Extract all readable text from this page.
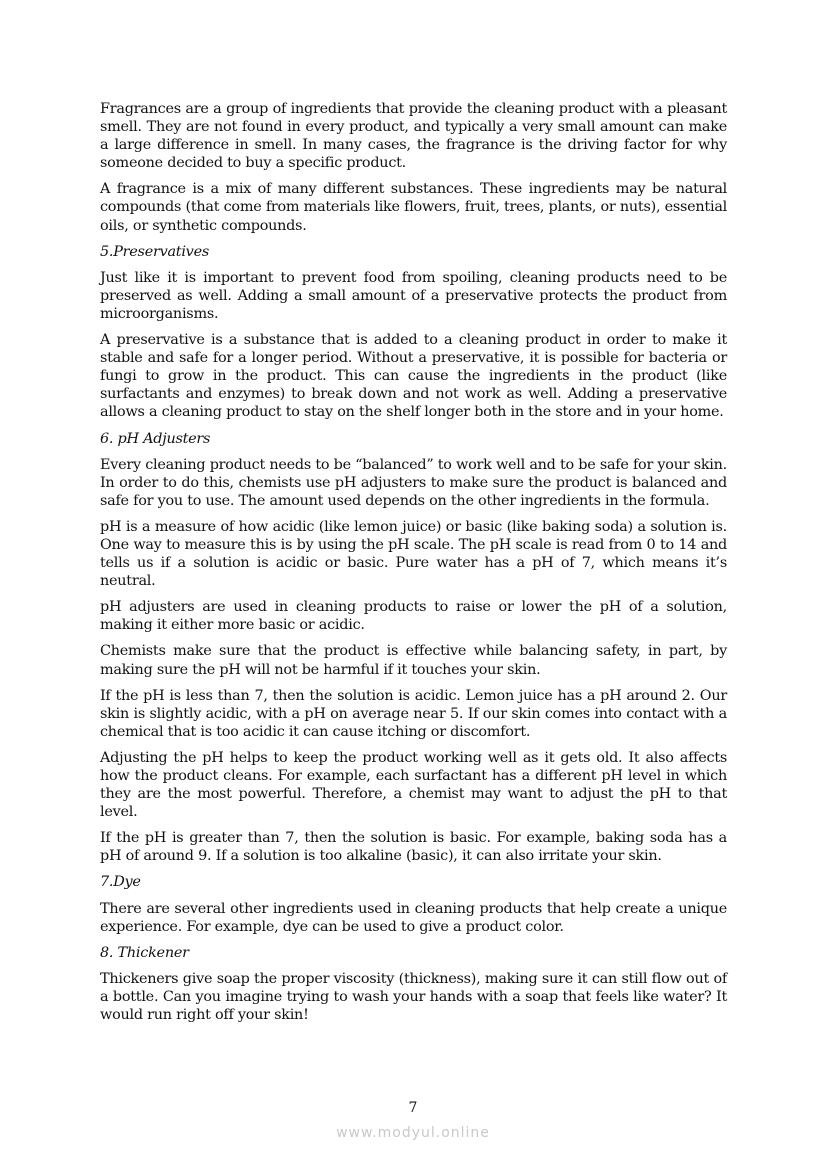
Fragrances are a group of ingredients that provide the cleaning product with a pleasant smell. They are not found in every product, and typically a very small amount can make a large difference in smell. In many cases, the fragrance is the driving factor for why someone decided to buy a specific product.

A fragrance is a mix of many different substances. These ingredients may be natural compounds (that come from materials like flowers, fruit, trees, plants, or nuts), essential oils, or synthetic compounds.

5.Preservatives

Just like it is important to prevent food from spoiling, cleaning products need to be preserved as well. Adding a small amount of a preservative protects the product from microorganisms.

A preservative is a substance that is added to a cleaning product in order to make it stable and safe for a longer period. Without a preservative, it is possible for bacteria or fungi to grow in the product. This can cause the ingredients in the product (like surfactants and enzymes) to break down and not work as well. Adding a preservative allows a cleaning product to stay on the shelf longer both in the store and in your home.

6. pH Adjusters

Every cleaning product needs to be “balanced” to work well and to be safe for your skin. In order to do this, chemists use pH adjusters to make sure the product is balanced and safe for you to use. The amount used depends on the other ingredients in the formula.

pH is a measure of how acidic (like lemon juice) or basic (like baking soda) a solution is. One way to measure this is by using the pH scale. The pH scale is read from 0 to 14 and tells us if a solution is acidic or basic. Pure water has a pH of 7, which means it’s neutral.

pH adjusters are used in cleaning products to raise or lower the pH of a solution, making it either more basic or acidic.

Chemists make sure that the product is effective while balancing safety, in part, by making sure the pH will not be harmful if it touches your skin.

If the pH is less than 7, then the solution is acidic. Lemon juice has a pH around 2. Our skin is slightly acidic, with a pH on average near 5. If our skin comes into contact with a chemical that is too acidic it can cause itching or discomfort.

Adjusting the pH helps to keep the product working well as it gets old. It also affects how the product cleans. For example, each surfactant has a different pH level in which they are the most powerful. Therefore, a chemist may want to adjust the pH to that level.

If the pH is greater than 7, then the solution is basic. For example, baking soda has a pH of around 9. If a solution is too alkaline (basic), it can also irritate your skin.

7.Dye

There are several other ingredients used in cleaning products that help create a unique experience. For example, dye can be used to give a product color.

8. Thickener

Thickeners give soap the proper viscosity (thickness), making sure it can still flow out of a bottle. Can you imagine trying to wash your hands with a soap that feels like water? It would run right off your skin!

7
www.modyul.online
